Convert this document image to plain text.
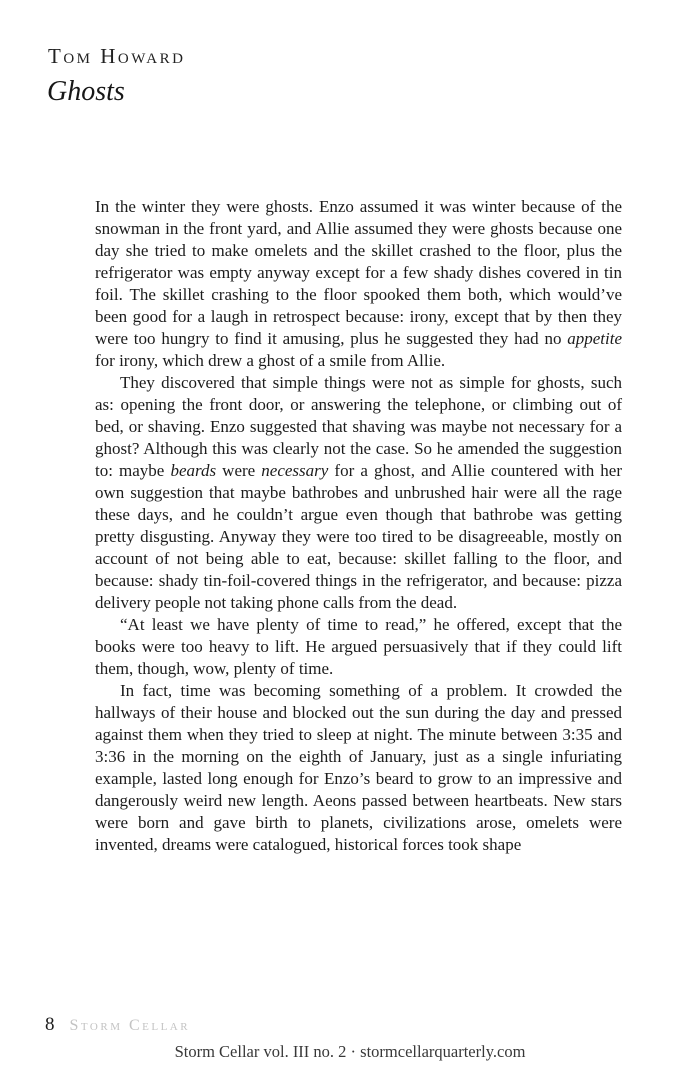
Tom Howard
Ghosts

In the winter they were ghosts. Enzo assumed it was winter because of the snowman in the front yard, and Allie assumed they were ghosts because one day she tried to make omelets and the skillet crashed to the floor, plus the refrigerator was empty anyway except for a few shady dishes covered in tin foil. The skillet crashing to the floor spooked them both, which would’ve been good for a laugh in retrospect because: irony, except that by then they were too hungry to find it amusing, plus he suggested they had no appetite for irony, which drew a ghost of a smile from Allie.

They discovered that simple things were not as simple for ghosts, such as: opening the front door, or answering the telephone, or climbing out of bed, or shaving. Enzo suggested that shaving was maybe not necessary for a ghost? Although this was clearly not the case. So he amended the suggestion to: maybe beards were necessary for a ghost, and Allie countered with her own suggestion that maybe bathrobes and unbrushed hair were all the rage these days, and he couldn’t argue even though that bathrobe was getting pretty disgusting. Anyway they were too tired to be disagreeable, mostly on account of not being able to eat, because: skillet falling to the floor, and because: shady tin-foil-covered things in the refrigerator, and because: pizza delivery people not taking phone calls from the dead.

“At least we have plenty of time to read,” he offered, except that the books were too heavy to lift. He argued persuasively that if they could lift them, though, wow, plenty of time.

In fact, time was becoming something of a problem. It crowded the hallways of their house and blocked out the sun during the day and pressed against them when they tried to sleep at night. The minute between 3:35 and 3:36 in the morning on the eighth of January, just as a single infuriating example, lasted long enough for Enzo’s beard to grow to an impressive and dangerously weird new length. Aeons passed between heartbeats. New stars were born and gave birth to planets, civilizations arose, omelets were invented, dreams were catalogued, historical forces took shape

8 Storm Cellar
Storm Cellar vol. III no. 2 · stormcellarquarterly.com
